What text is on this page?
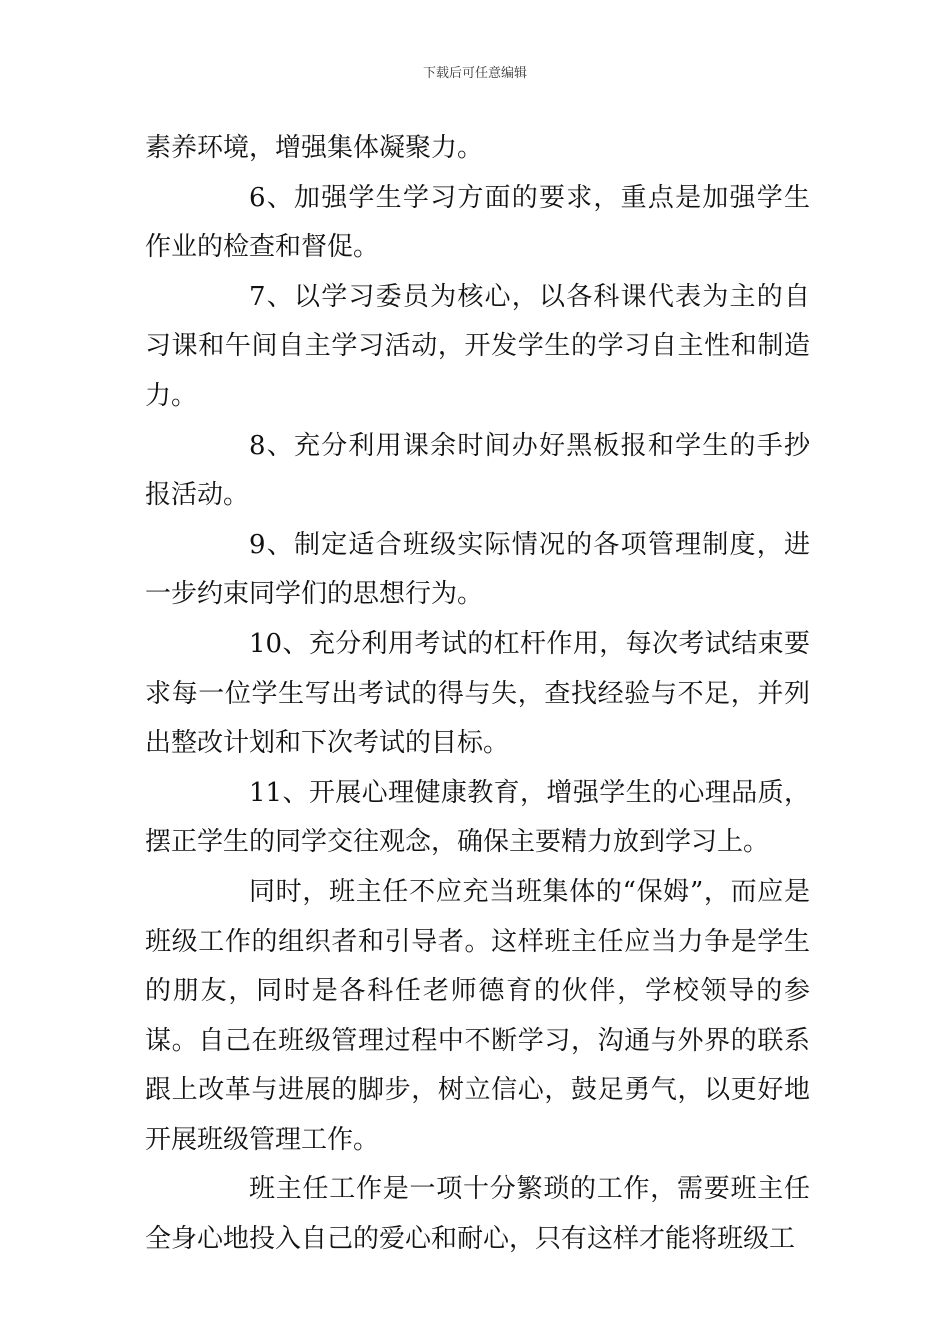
下载后可任意编辑

素养环境，增强集体凝聚力。

6、加强学生学习方面的要求，重点是加强学生作业的检查和督促。

7、以学习委员为核心，以各科课代表为主的自习课和午间自主学习活动，开发学生的学习自主性和制造力。

8、充分利用课余时间办好黑板报和学生的手抄报活动。

9、制定适合班级实际情况的各项管理制度，进一步约束同学们的思想行为。

10、充分利用考试的杠杆作用，每次考试结束要求每一位学生写出考试的得与失，查找经验与不足，并列出整改计划和下次考试的目标。

11、开展心理健康教育，增强学生的心理品质，摆正学生的同学交往观念，确保主要精力放到学习上。

同时，班主任不应充当班集体的“保姆”，而应是班级工作的组织者和引导者。这样班主任应当力争是学生的朋友，同时是各科任老师德育的伙伴，学校领导的参谋。自己在班级管理过程中不断学习，沟通与外界的联系跟上改革与进展的脚步，树立信心，鼓足勇气，以更好地开展班级管理工作。

班主任工作是一项十分繁琐的工作，需要班主任全身心地投入自己的爱心和耐心，只有这样才能将班级工
